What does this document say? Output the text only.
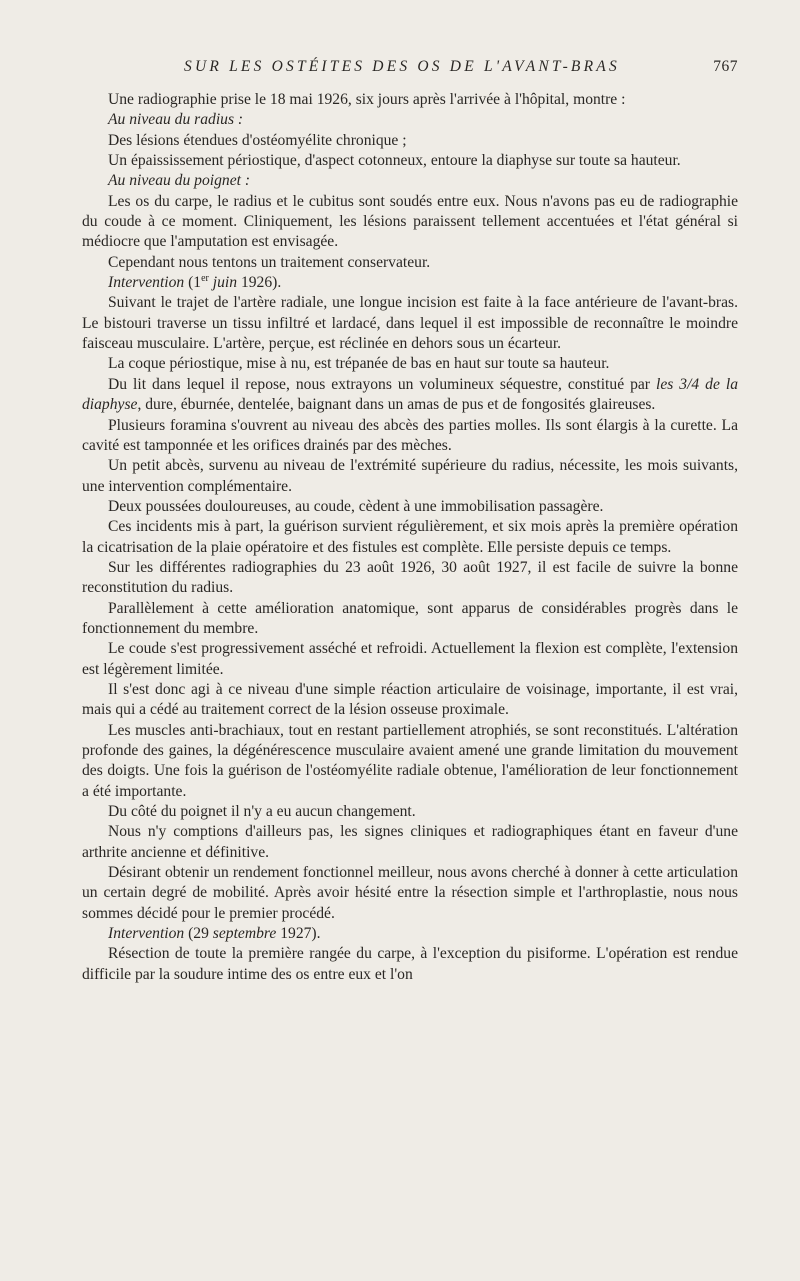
SUR LES OSTÉITES DES OS DE L'AVANT-BRAS	767

Une radiographie prise le 18 mai 1926, six jours après l'arrivée à l'hôpital, montre :

Au niveau du radius :

Des lésions étendues d'ostéomyélite chronique ;

Un épaississement périostique, d'aspect cotonneux, entoure la diaphyse sur toute sa hauteur.

Au niveau du poignet :

Les os du carpe, le radius et le cubitus sont soudés entre eux. Nous n'avons pas eu de radiographie du coude à ce moment. Cliniquement, les lésions paraissent tellement accentuées et l'état général si médiocre que l'amputation est envisagée.

Cependant nous tentons un traitement conservateur.

Intervention (1er juin 1926).

Suivant le trajet de l'artère radiale, une longue incision est faite à la face antérieure de l'avant-bras. Le bistouri traverse un tissu infiltré et lardacé, dans lequel il est impossible de reconnaître le moindre faisceau musculaire. L'artère, perçue, est réclinée en dehors sous un écarteur.

La coque périostique, mise à nu, est trépanée de bas en haut sur toute sa hauteur.

Du lit dans lequel il repose, nous extrayons un volumineux séquestre, constitué par les 3/4 de la diaphyse, dure, éburnée, dentelée, baignant dans un amas de pus et de fongosités glaireuses.

Plusieurs foramina s'ouvrent au niveau des abcès des parties molles. Ils sont élargis à la curette. La cavité est tamponnée et les orifices drainés par des mèches.

Un petit abcès, survenu au niveau de l'extrémité supérieure du radius, nécessite, les mois suivants, une intervention complémentaire.

Deux poussées douloureuses, au coude, cèdent à une immobilisation passagère.

Ces incidents mis à part, la guérison survient régulièrement, et six mois après la première opération la cicatrisation de la plaie opératoire et des fistules est complète. Elle persiste depuis ce temps.

Sur les différentes radiographies du 23 août 1926, 30 août 1927, il est facile de suivre la bonne reconstitution du radius.

Parallèlement à cette amélioration anatomique, sont apparus de considérables progrès dans le fonctionnement du membre.

Le coude s'est progressivement asséché et refroidi. Actuellement la flexion est complète, l'extension est légèrement limitée.

Il s'est donc agi à ce niveau d'une simple réaction articulaire de voisinage, importante, il est vrai, mais qui a cédé au traitement correct de la lésion osseuse proximale.

Les muscles anti-brachiaux, tout en restant partiellement atrophiés, se sont reconstitués. L'altération profonde des gaines, la dégénérescence musculaire avaient amené une grande limitation du mouvement des doigts. Une fois la guérison de l'ostéomyélite radiale obtenue, l'amélioration de leur fonctionnement a été importante.

Du côté du poignet il n'y a eu aucun changement.

Nous n'y comptions d'ailleurs pas, les signes cliniques et radiographiques étant en faveur d'une arthrite ancienne et définitive.

Désirant obtenir un rendement fonctionnel meilleur, nous avons cherché à donner à cette articulation un certain degré de mobilité. Après avoir hésité entre la résection simple et l'arthroplastie, nous nous sommes décidé pour le premier procédé.

Intervention (29 septembre 1927).

Résection de toute la première rangée du carpe, à l'exception du pisiforme. L'opération est rendue difficile par la soudure intime des os entre eux et l'on
